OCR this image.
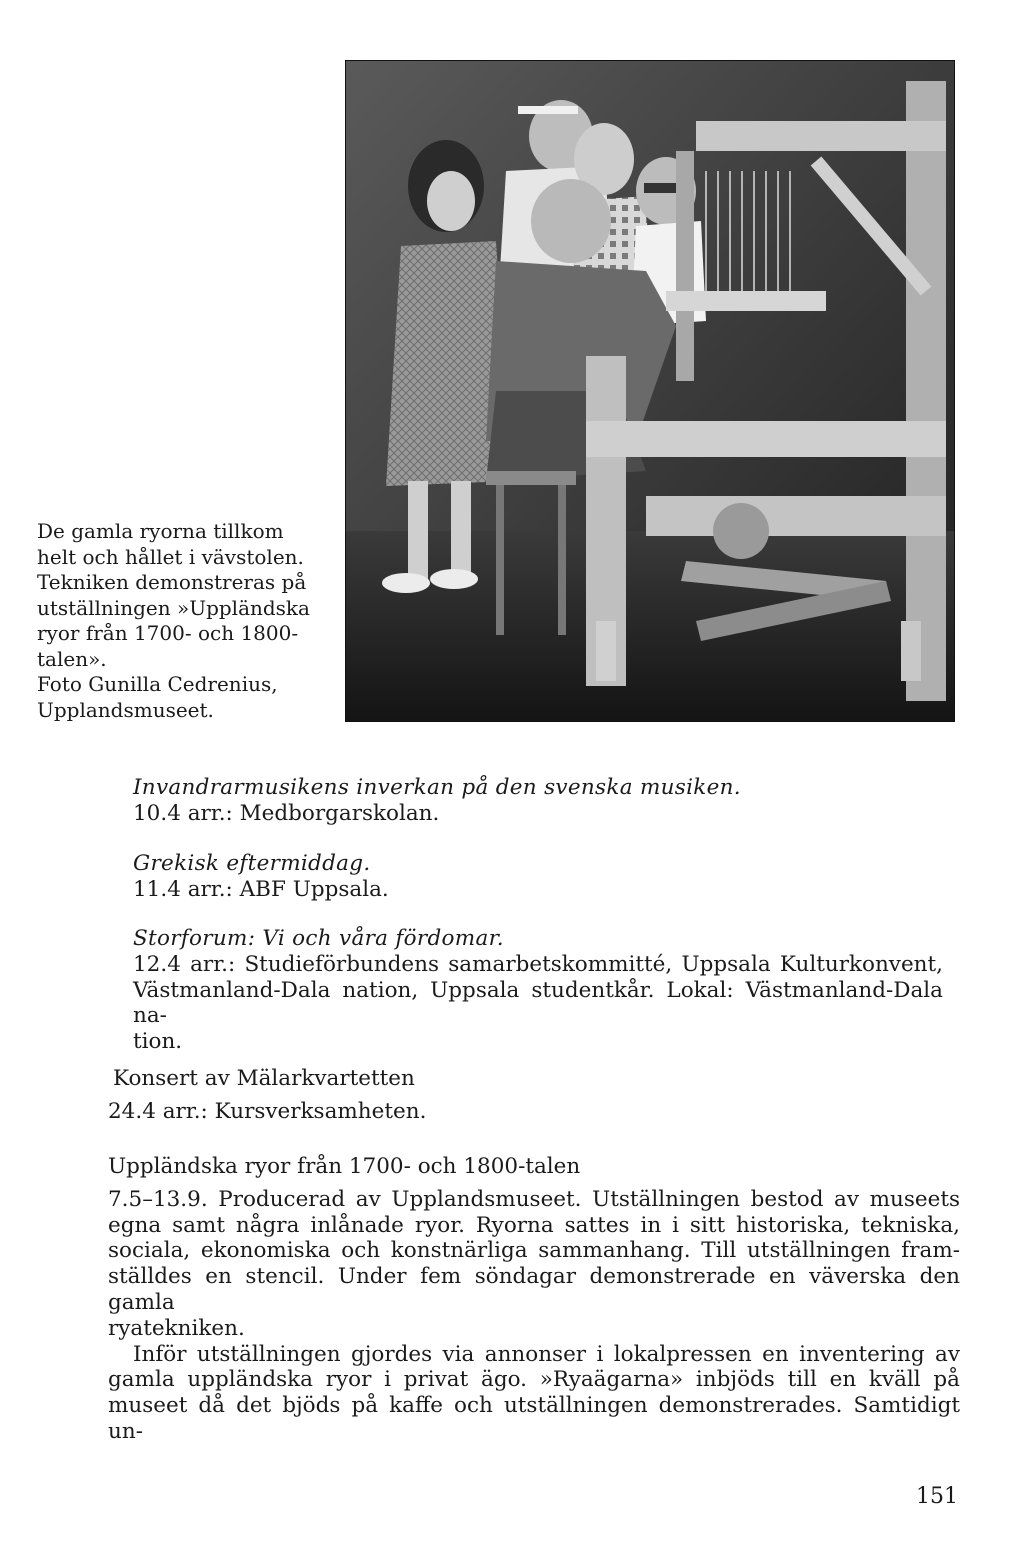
De gamla ryorna tillkom
helt och hållet i vävstolen.
Tekniken demonstreras på
utställningen »Uppländska
ryor från 1700- och 1800-
talen».
Foto Gunilla Cedrenius,
Upplandsmuseet.
Invandrarmusikens inverkan på den svenska musiken.
10.4 arr.: Medborgarskolan.
Grekisk eftermiddag.
11.4 arr.: ABF Uppsala.
Storforum: Vi och våra fördomar.
12.4 arr.: Studieförbundens samarbetskommitté, Uppsala Kulturkonvent,
Västmanland-Dala nation, Uppsala studentkår. Lokal: Västmanland-Dala na-
tion.
Konsert av Mälarkvartetten
24.4 arr.: Kursverksamheten.
Uppländska ryor från 1700- och 1800-talen
7.5–13.9. Producerad av Upplandsmuseet. Utställningen bestod av museets
egna samt några inlånade ryor. Ryorna sattes in i sitt historiska, tekniska,
sociala, ekonomiska och konstnärliga sammanhang. Till utställningen fram-
ställdes en stencil. Under fem söndagar demonstrerade en väverska den gamla
ryatekniken.
Inför utställningen gjordes via annonser i lokalpressen en inventering av
gamla uppländska ryor i privat ägo. »Ryaägarna» inbjöds till en kväll på
museet då det bjöds på kaffe och utställningen demonstrerades. Samtidigt un-
151
